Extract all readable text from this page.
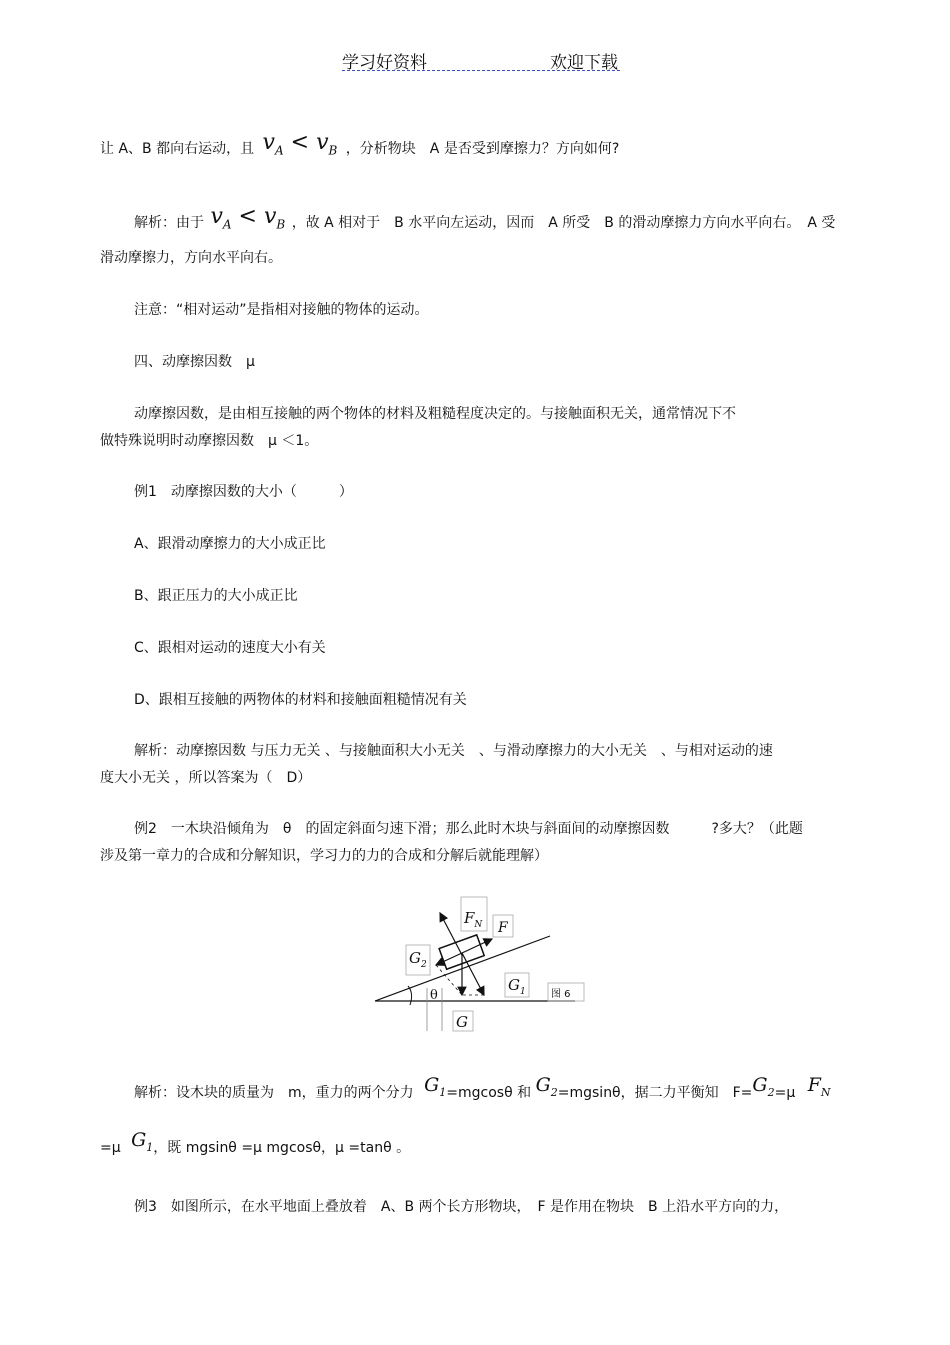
学习好资料	欢迎下载
让 A、B 都向右运动，且 $v_A < v_B$ ，分析物块　A 是否受到摩擦力？方向如何?
解析：由于 $v_A < v_B$ ，故 A 相对于　B 水平向左运动，因而　A 所受　B 的滑动摩擦力方向水平向右。　A 受
滑动摩擦力，方向水平向右。
注意：“相对运动”是指相对接触的物体的运动。
四、动摩擦因数　μ
动摩擦因数，是由相互接触的两个物体的材料及粗糙程度决定的。与接触面积无关，通常情况下不
做特殊说明时动摩擦因数　μ ＜1。
例1　动摩擦因数的大小（　　　）
A、跟滑动摩擦力的大小成正比
B、跟正压力的大小成正比
C、跟相对运动的速度大小有关
D、跟相互接触的两物体的材料和接触面粗糙情况有关
解析：动摩擦因数 与压力无关 、与接触面积大小无关　、与滑动摩擦力的大小无关　、与相对运动的速
度大小无关 ，所以答案为（　D）
例2　一木块沿倾角为　θ　的固定斜面匀速下滑；那么此时木块与斜面间的动摩擦因数　　　?多大？（此题
涉及第一章力的合成和分解知识，学习力的力的合成和分解后就能理解）
$F_N$ F
$G_2$
$G_1$
θ	图 6
G
解析：设木块的质量为　m，重力的两个分力 $G_1=mgcos\theta$ 和 $G_2=mgsin\theta$，据二力平衡知　$F=G_2=\mu$ $F_N$
=μ $G_1$，既 mgsinθ =μ mgcosθ，μ =tanθ 。
例3　如图所示，在水平地面上叠放着　A、B 两个长方形物块，　F 是作用在物块　B 上沿水平方向的力，
